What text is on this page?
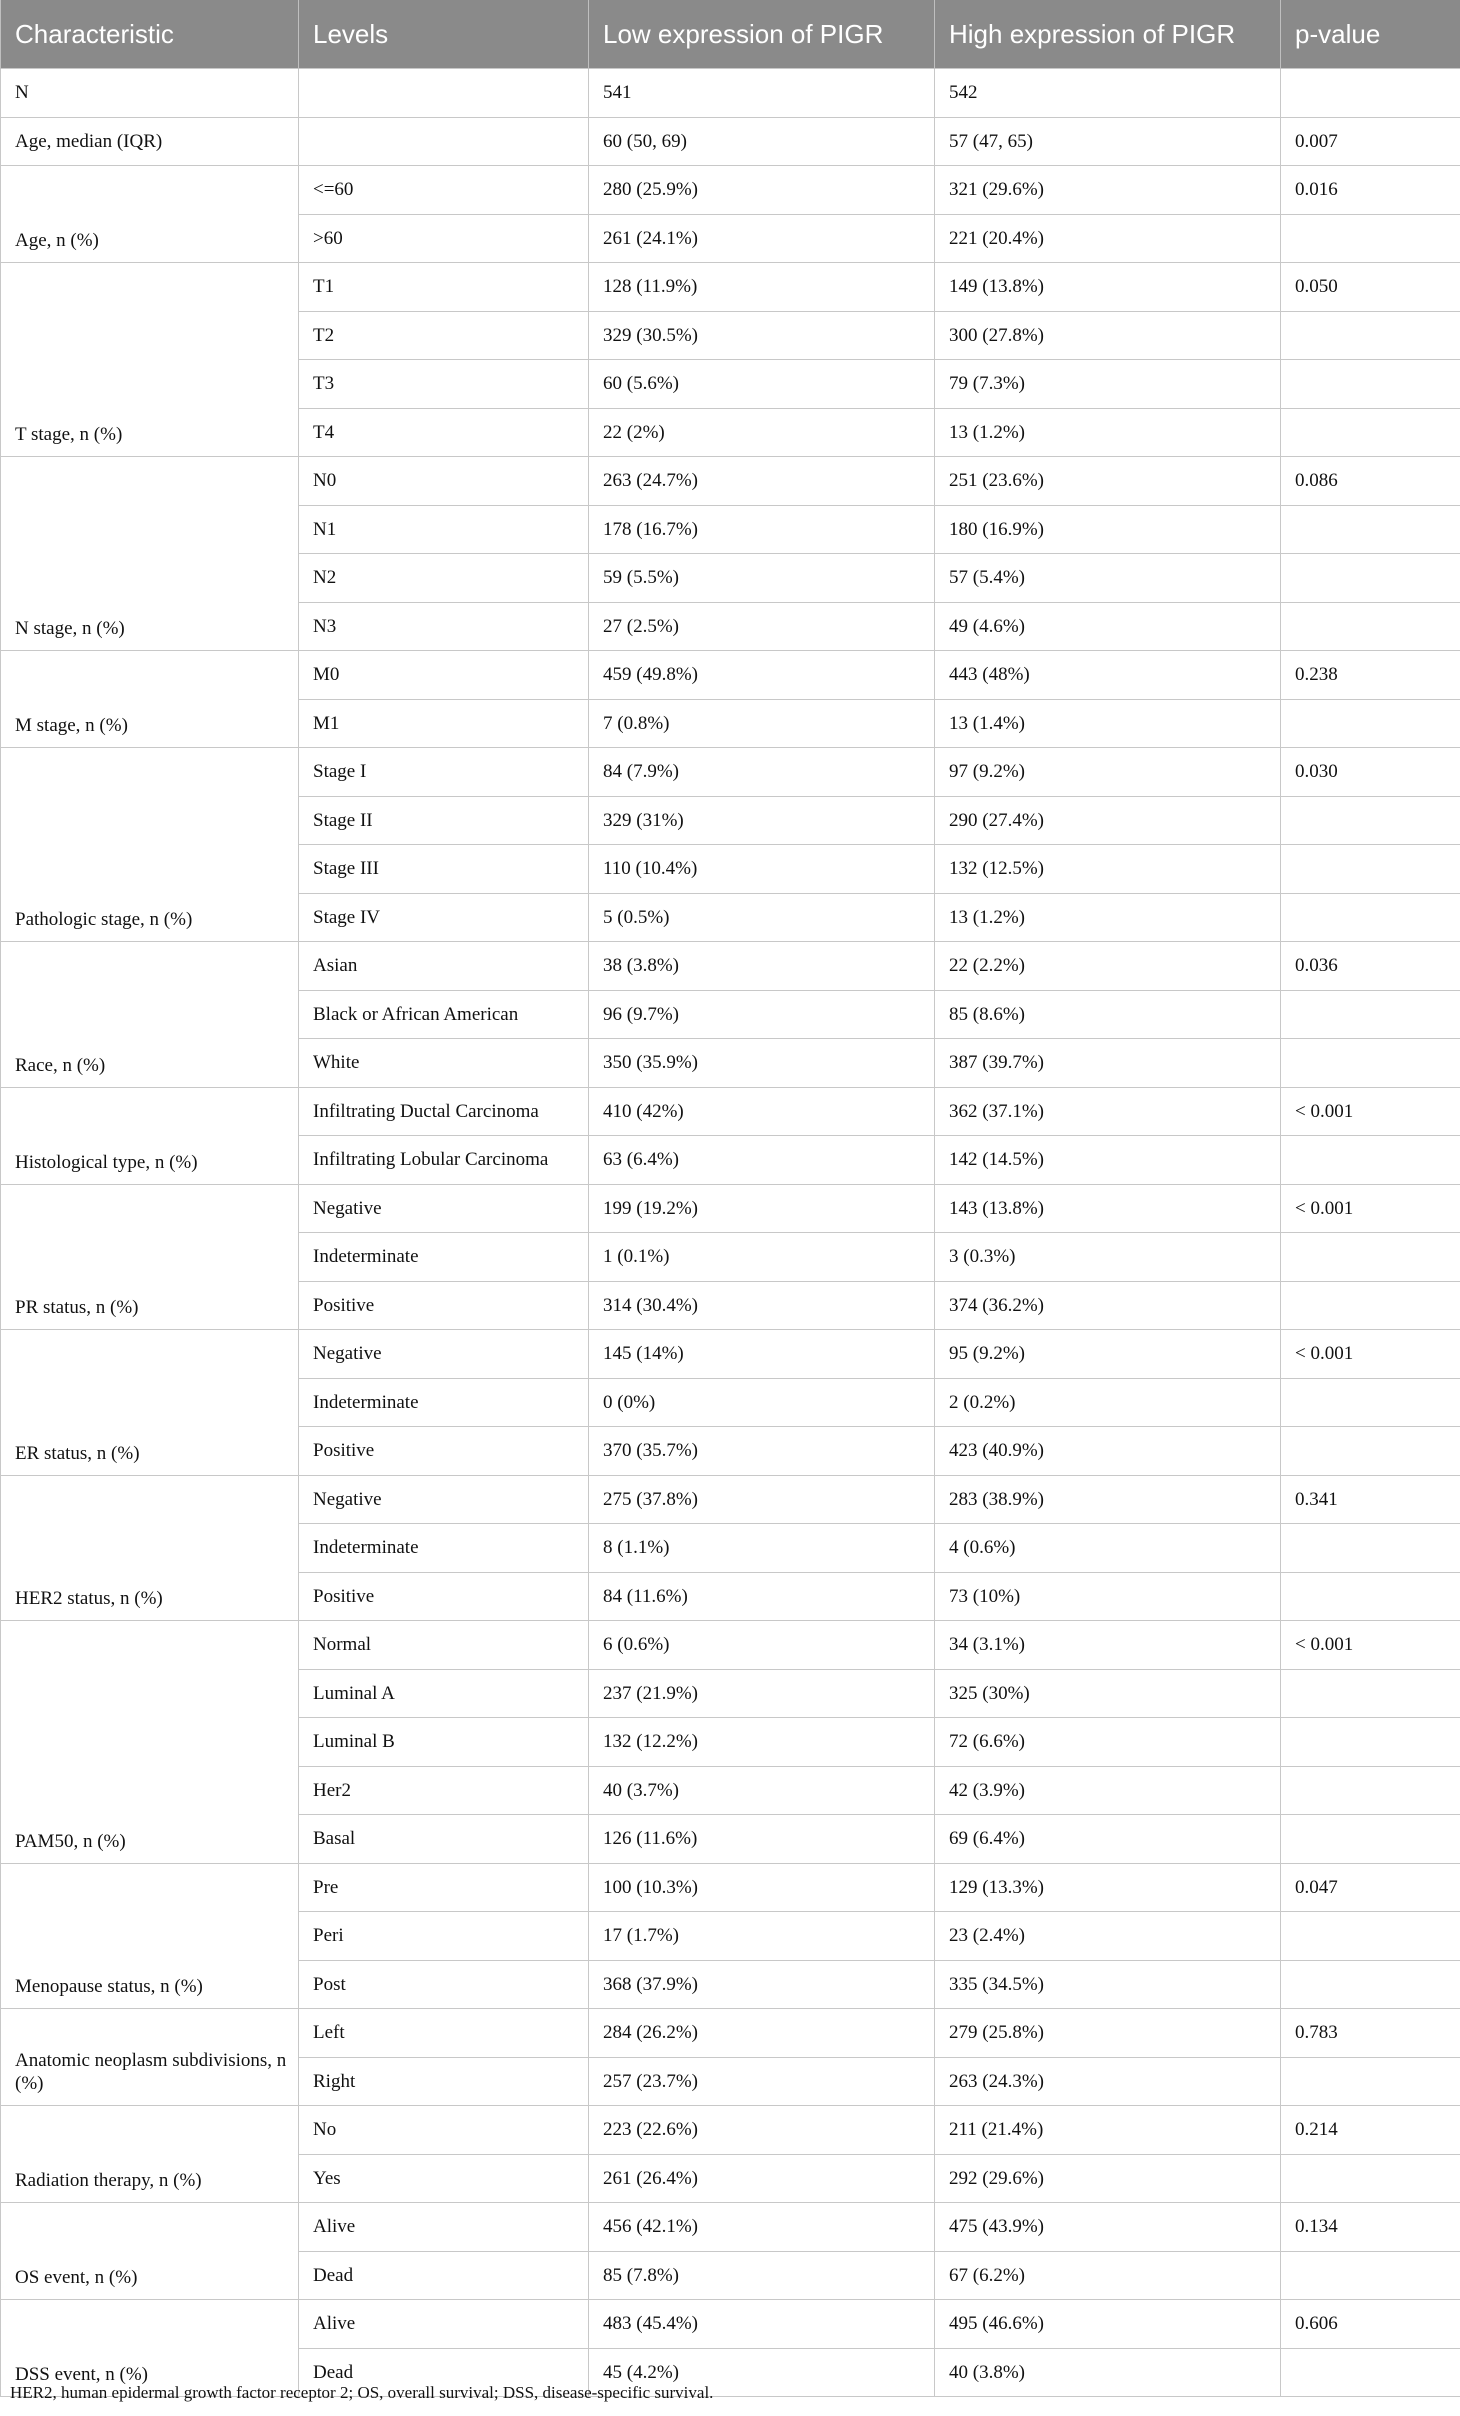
Characteristic	Levels	Low expression of PIGR	High expression of PIGR	p-value
N		541	542	
Age, median (IQR)		60 (50, 69)	57 (47, 65)	0.007
Age, n (%)	<=60	280 (25.9%)	321 (29.6%)	0.016
	>60	261 (24.1%)	221 (20.4%)	
T stage, n (%)	T1	128 (11.9%)	149 (13.8%)	0.050
	T2	329 (30.5%)	300 (27.8%)	
	T3	60 (5.6%)	79 (7.3%)	
	T4	22 (2%)	13 (1.2%)	
N stage, n (%)	N0	263 (24.7%)	251 (23.6%)	0.086
	N1	178 (16.7%)	180 (16.9%)	
	N2	59 (5.5%)	57 (5.4%)	
	N3	27 (2.5%)	49 (4.6%)	
M stage, n (%)	M0	459 (49.8%)	443 (48%)	0.238
	M1	7 (0.8%)	13 (1.4%)	
Pathologic stage, n (%)	Stage I	84 (7.9%)	97 (9.2%)	0.030
	Stage II	329 (31%)	290 (27.4%)	
	Stage III	110 (10.4%)	132 (12.5%)	
	Stage IV	5 (0.5%)	13 (1.2%)	
Race, n (%)	Asian	38 (3.8%)	22 (2.2%)	0.036
	Black or African American	96 (9.7%)	85 (8.6%)	
	White	350 (35.9%)	387 (39.7%)	
Histological type, n (%)	Infiltrating Ductal Carcinoma	410 (42%)	362 (37.1%)	< 0.001
	Infiltrating Lobular Carcinoma	63 (6.4%)	142 (14.5%)	
PR status, n (%)	Negative	199 (19.2%)	143 (13.8%)	< 0.001
	Indeterminate	1 (0.1%)	3 (0.3%)	
	Positive	314 (30.4%)	374 (36.2%)	
ER status, n (%)	Negative	145 (14%)	95 (9.2%)	< 0.001
	Indeterminate	0 (0%)	2 (0.2%)	
	Positive	370 (35.7%)	423 (40.9%)	
HER2 status, n (%)	Negative	275 (37.8%)	283 (38.9%)	0.341
	Indeterminate	8 (1.1%)	4 (0.6%)	
	Positive	84 (11.6%)	73 (10%)	
PAM50, n (%)	Normal	6 (0.6%)	34 (3.1%)	< 0.001
	Luminal A	237 (21.9%)	325 (30%)	
	Luminal B	132 (12.2%)	72 (6.6%)	
	Her2	40 (3.7%)	42 (3.9%)	
	Basal	126 (11.6%)	69 (6.4%)	
Menopause status, n (%)	Pre	100 (10.3%)	129 (13.3%)	0.047
	Peri	17 (1.7%)	23 (2.4%)	
	Post	368 (37.9%)	335 (34.5%)	
Anatomic neoplasm subdivisions, n (%)	Left	284 (26.2%)	279 (25.8%)	0.783
	Right	257 (23.7%)	263 (24.3%)	
Radiation therapy, n (%)	No	223 (22.6%)	211 (21.4%)	0.214
	Yes	261 (26.4%)	292 (29.6%)	
OS event, n (%)	Alive	456 (42.1%)	475 (43.9%)	0.134
	Dead	85 (7.8%)	67 (6.2%)	
DSS event, n (%)	Alive	483 (45.4%)	495 (46.6%)	0.606
	Dead	45 (4.2%)	40 (3.8%)	
HER2, human epidermal growth factor receptor 2; OS, overall survival; DSS, disease-specific survival.
